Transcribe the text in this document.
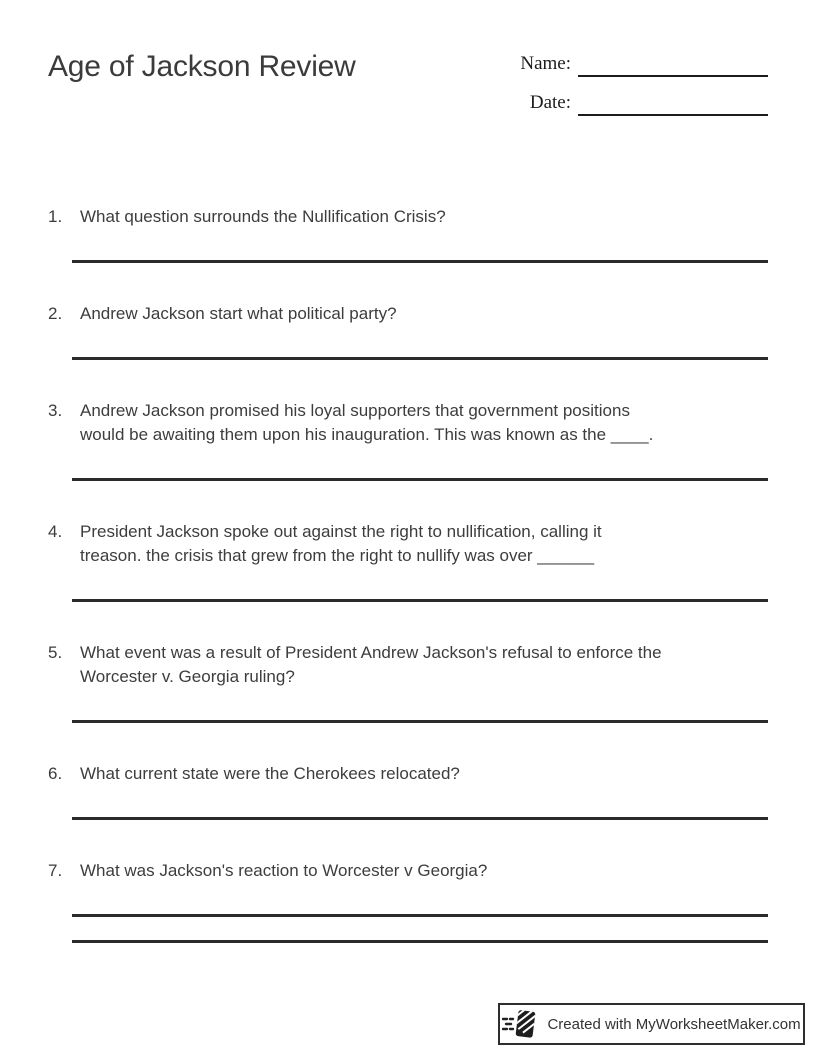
Age of Jackson Review	Name:
Date:
1.	What question surrounds the Nullification Crisis?
2.	Andrew Jackson start what political party?
3.	Andrew Jackson promised his loyal supporters that government positions
would be awaiting them upon his inauguration. This was known as the ____.
4.	President Jackson spoke out against the right to nullification, calling it
treason. the crisis that grew from the right to nullify was over ______
5.	What event was a result of President Andrew Jackson's refusal to enforce the
Worcester v. Georgia ruling?
6.	What current state were the Cherokees relocated?
7.	What was Jackson's reaction to Worcester v Georgia?
Created with MyWorksheetMaker.com
